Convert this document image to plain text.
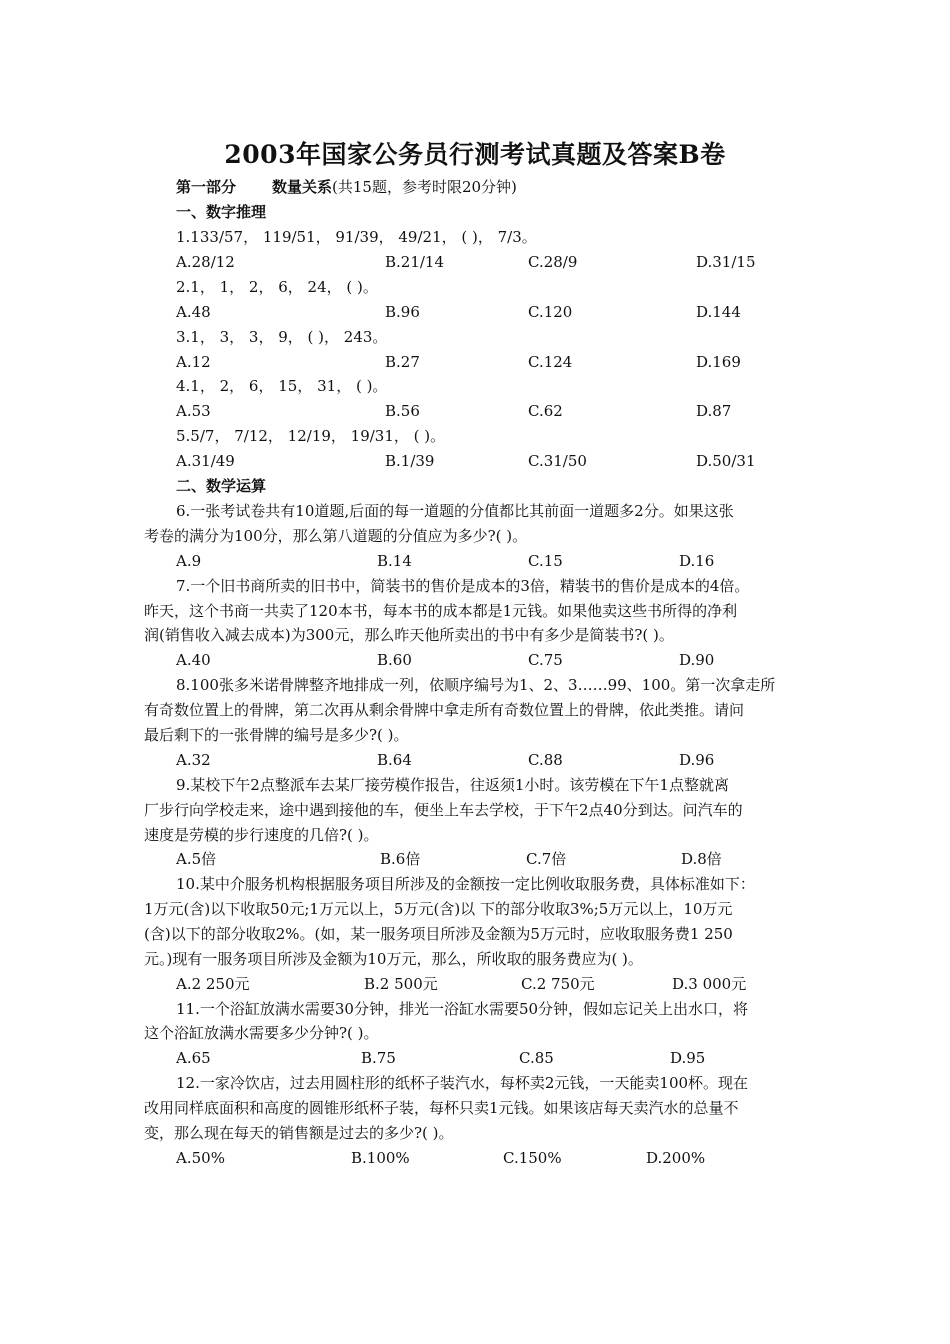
2003年国家公务员行测考试真题及答案B卷
第一部分 数量关系(共15题，参考时限20分钟)
一、数字推理
1.133/57， 119/51， 91/39， 49/21， ( )， 7/3。
A.28/12	B.21/14	C.28/9	D.31/15
2.1， 1， 2， 6， 24， ( )。
A.48	B.96	C.120	D.144
3.1， 3， 3， 9， ( )， 243。
A.12	B.27	C.124	D.169
4.1， 2， 6， 15， 31， ( )。
A.53	B.56	C.62	D.87
5.5/7， 7/12， 12/19， 19/31， ( )。
A.31/49	B.1/39	C.31/50	D.50/31
二、数学运算
6.一张考试卷共有10道题,后面的每一道题的分值都比其前面一道题多2分。如果这张
考卷的满分为100分，那么第八道题的分值应为多少?( )。
A.9	B.14	C.15	D.16
7.一个旧书商所卖的旧书中，简装书的售价是成本的3倍，精装书的售价是成本的4倍。
昨天，这个书商一共卖了120本书，每本书的成本都是1元钱。如果他卖这些书所得的净利
润(销售收入减去成本)为300元，那么昨天他所卖出的书中有多少是简装书?( )。
A.40	B.60	C.75	D.90
8.100张多米诺骨牌整齐地排成一列，依顺序编号为1、2、3……99、100。第一次拿走所
有奇数位置上的骨牌，第二次再从剩余骨牌中拿走所有奇数位置上的骨牌，依此类推。请问
最后剩下的一张骨牌的编号是多少?( )。
A.32	B.64	C.88	D.96
9.某校下午2点整派车去某厂接劳模作报告，往返须1小时。该劳模在下午1点整就离
厂步行向学校走来，途中遇到接他的车，便坐上车去学校，于下午2点40分到达。问汽车的
速度是劳模的步行速度的几倍?( )。
A.5倍	B.6倍	C.7倍	D.8倍
10.某中介服务机构根据服务项目所涉及的金额按一定比例收取服务费，具体标准如下：
1万元(含)以下收取50元;1万元以上，5万元(含)以 下的部分收取3%;5万元以上，10万元
(含)以下的部分收取2%。(如，某一服务项目所涉及金额为5万元时，应收取服务费1 250
元。)现有一服务项目所涉及金额为10万元，那么，所收取的服务费应为( )。
A.2 250元	B.2 500元	C.2 750元	D.3 000元
11.一个浴缸放满水需要30分钟，排光一浴缸水需要50分钟，假如忘记关上出水口，将
这个浴缸放满水需要多少分钟?( )。
A.65	B.75	C.85	D.95
12.一家冷饮店，过去用圆柱形的纸杯子装汽水，每杯卖2元钱，一天能卖100杯。现在
改用同样底面积和高度的圆锥形纸杯子装，每杯只卖1元钱。如果该店每天卖汽水的总量不
变，那么现在每天的销售额是过去的多少?( )。
A.50%	B.100%	C.150%	D.200%
